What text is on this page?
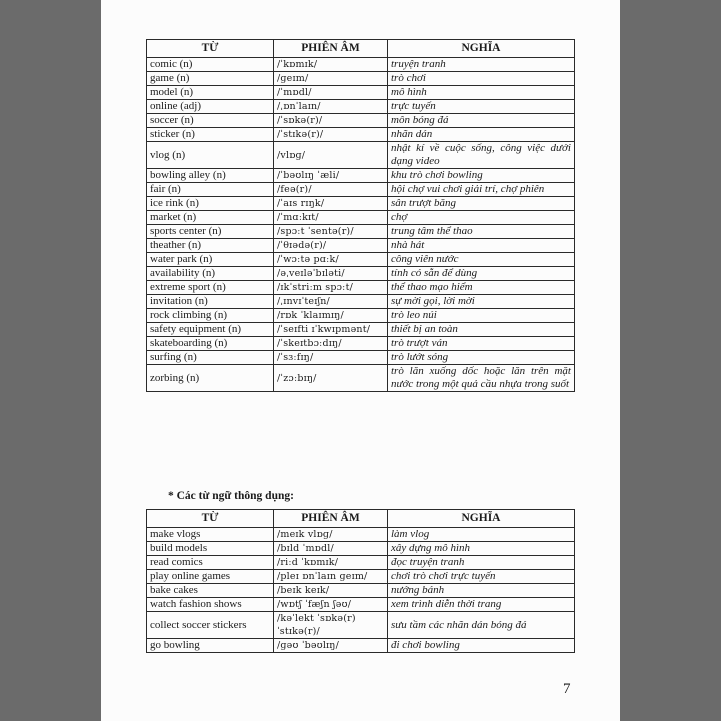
TỪ	PHIÊN ÂM	NGHĨA
comic (n)	/ˈkɒmɪk/	truyện tranh
game (n)	/ɡeɪm/	trò chơi
model (n)	/ˈmɒdl/	mô hình
online (adj)	/ˌɒnˈlaɪn/	trực tuyến
soccer (n)	/ˈsɒkə(r)/	môn bóng đá
sticker (n)	/ˈstɪkə(r)/	nhãn dán
vlog (n)	/vlɒɡ/	nhật kí về cuộc sống, công việc dưới dạng video
bowling alley (n)	/ˈbəʊlɪŋ ˈæli/	khu trò chơi bowling
fair (n)	/feə(r)/	hội chợ vui chơi giải trí, chợ phiên
ice rink (n)	/ˈaɪs rɪŋk/	sân trượt băng
market (n)	/ˈmɑːkɪt/	chợ
sports center (n)	/spɔːt ˈsentə(r)/	trung tâm thể thao
theather (n)	/ˈθɪədə(r)/	nhà hát
water park (n)	/ˈwɔːtə pɑːk/	công viên nước
availability (n)	/əˌveɪləˈbɪləti/	tính có sẵn để dùng
extreme sport (n)	/ɪkˈstriːm spɔːt/	thể thao mạo hiểm
invitation (n)	/ˌɪnvɪˈteɪʃn/	sự mời gọi, lời mời
rock climbing (n)	/rɒk ˈklaɪmɪŋ/	trò leo núi
safety equipment (n)	/ˈseɪfti ɪˈkwɪpmənt/	thiết bị an toàn
skateboarding (n)	/ˈskeɪtbɔːdɪŋ/	trò trượt ván
surfing (n)	/ˈsɜːfɪŋ/	trò lướt sóng
zorbing (n)	/ˈzɔːbɪŋ/	trò lăn xuống dốc hoặc lăn trên mặt nước trong một quả cầu nhựa trong suốt
* Các từ ngữ thông dụng:
TỪ	PHIÊN ÂM	NGHĨA
make vlogs	/meɪk vlɒɡ/	làm vlog
build models	/bɪld ˈmɒdl/	xây dựng mô hình
read comics	/riːd ˈkɒmɪk/	đọc truyện tranh
play online games	/pleɪ ɒnˈlaɪn ɡeɪm/	chơi trò chơi trực tuyến
bake cakes	/beɪk keɪk/	nướng bánh
watch fashion shows	/wɒtʃ ˈfæʃn ʃəʊ/	xem trình diễn thời trang
collect soccer stickers	/kəˈlekt ˈsɒkə(r) ˈstɪkə(r)/	sưu tầm các nhãn dán bóng đá
go bowling	/ɡəʊ ˈbəʊlɪŋ/	đi chơi bowling
7
